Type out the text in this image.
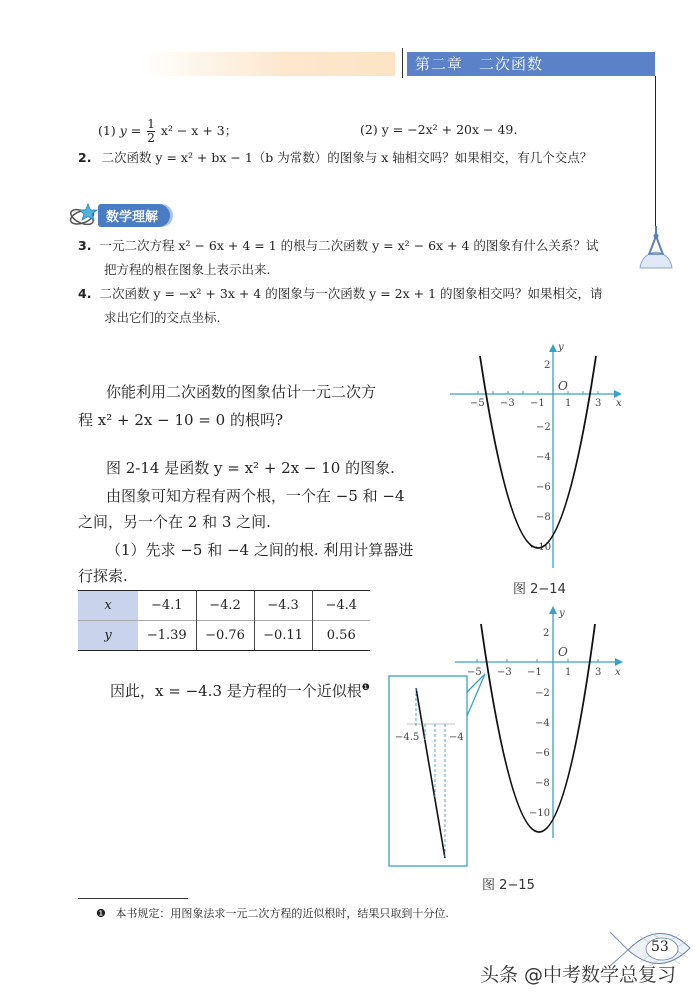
第二章　二次函数
(1) $y = \frac{1}{2} x^2 - x + 3$；	(2) y = −2x² + 20x − 49.
2. 二次函数 y = x² + bx − 1（b 为常数）的图象与 x 轴相交吗？如果相交，有几个交点？
数学理解
3. 一元二次方程 x² − 6x + 4 = 1 的根与二次函数 y = x² − 6x + 4 的图象有什么关系？试
把方程的根在图象上表示出来.
4. 二次函数 y = −x² + 3x + 4 的图象与一次函数 y = 2x + 1 的图象相交吗？如果相交，请
求出它们的交点坐标.
你能利用二次函数的图象估计一元二次方
程 x² + 2x − 10 = 0 的根吗?
图 2-14 是函数 y = x² + 2x − 10 的图象.
由图象可知方程有两个根，一个在 −5 和 −4
之间，另一个在 2 和 3 之间.
（1）先求 −5 和 −4 之间的根. 利用计算器进
行探索.
x	−4.1	−4.2	−4.3	−4.4
y	−1.39	−0.76	−0.11	0.56
因此，x = −4.3 是方程的一个近似根$^❶$
−5 −3 −1 1 3 x
y
2
O
−2
−4
−6
−8
−10
图 2−14
−5 −3 −1 1 3 x
y
2
O
−2
−4
−6
−8
−10
−4.5	−4
图 2−15
❶ 本书规定：用图象法求一元二次方程的近似根时，结果只取到十分位.
53
头条 @中考数学总复习
